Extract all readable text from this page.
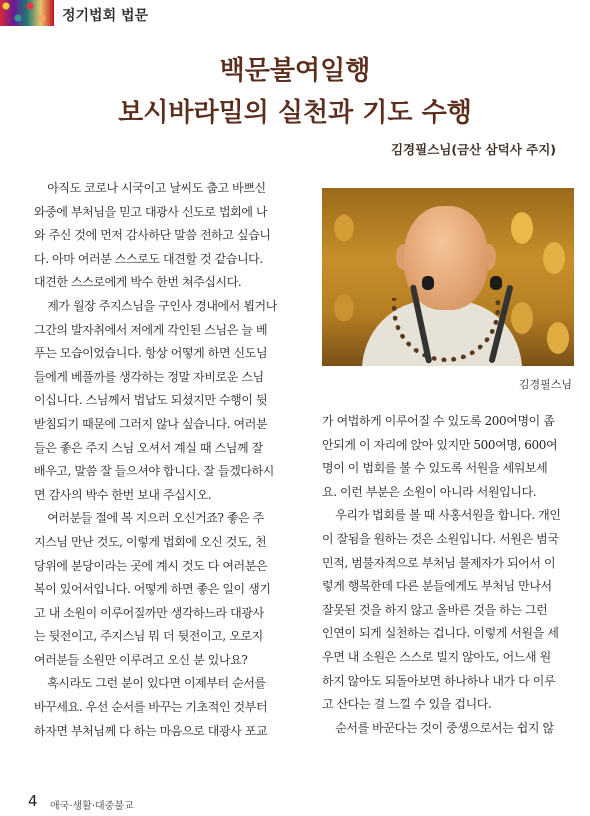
정기법회 법문
백문불여일행
보시바라밀의 실천과 기도 수행
김경필스님(금산 삼덕사 주지)
김경필스님
아직도 코로나 시국이고 날씨도 춥고 바쁘신
와중에 부처님을 믿고 대광사 신도로 법회에 나
와 주신 것에 먼저 감사하단 말씀 전하고 싶습니
다. 아마 여러분 스스로도 대견할 것 같습니다.
대견한 스스로에게 박수 한번 쳐주십시다.
제가 월장 주지스님을 구인사 경내에서 뵙거나
그간의 발자취에서 저에게 각인된 스님은 늘 베
푸는 모습이었습니다. 항상 어떻게 하면 신도님
들에게 베풀까를 생각하는 정말 자비로운 스님
이십니다. 스님께서 법납도 되셨지만 수행이 뒷
받침되기 때문에 그러지 않나 싶습니다. 여러분
들은 좋은 주지 스님 오셔서 계실 때 스님께 잘
배우고, 말씀 잘 들으셔야 합니다. 잘 들겠다하시
면 감사의 박수 한번 보내 주십시오.
여러분들 절에 복 지으러 오신거죠? 좋은 주
지스님 만난 것도, 이렇게 법회에 오신 것도, 천
당위에 분당이라는 곳에 계시 것도 다 여러분은
복이 있어서입니다. 어떻게 하면 좋은 일이 생기
고 내 소원이 이루어질까만 생각하느라 대광사
는 뒷전이고, 주지스님 뭐 더 뒷전이고, 오로지
여러분들 소원만 이루려고 오신 분 있나요?
혹시라도 그런 분이 있다면 이제부터 순서를
바꾸세요. 우선 순서를 바꾸는 기초적인 것부터
하자면 부처님께 다 하는 마음으로 대광사 포교
가 여법하게 이루어질 수 있도록 200여명이 좁
안되게 이 자리에 앉아 있지만 500여명, 600여
명이 이 법회를 볼 수 있도록 서원을 세워보세
요. 이런 부분은 소원이 아니라 서원입니다.
우리가 법회를 볼 때 사홍서원을 합니다. 개인
이 잘됨을 원하는 것은 소원입니다. 서원은 범국
민적, 범불자적으로 부처님 불제자가 되어서 이
렇게 행복한데 다른 분들에게도 부처님 만나서
잘못된 것을 하지 않고 올바른 것을 하는 그런
인연이 되게 실천하는 겁니다. 이렇게 서원을 세
우면 내 소원은 스스로 빌지 않아도, 어느새 원
하지 않아도 되돌아보면 하나하나 내가 다 이루
고 산다는 걸 느낄 수 있을 겁니다.
순서를 바꾼다는 것이 중생으로서는 쉽지 않
4 애국·생활·대중불교
